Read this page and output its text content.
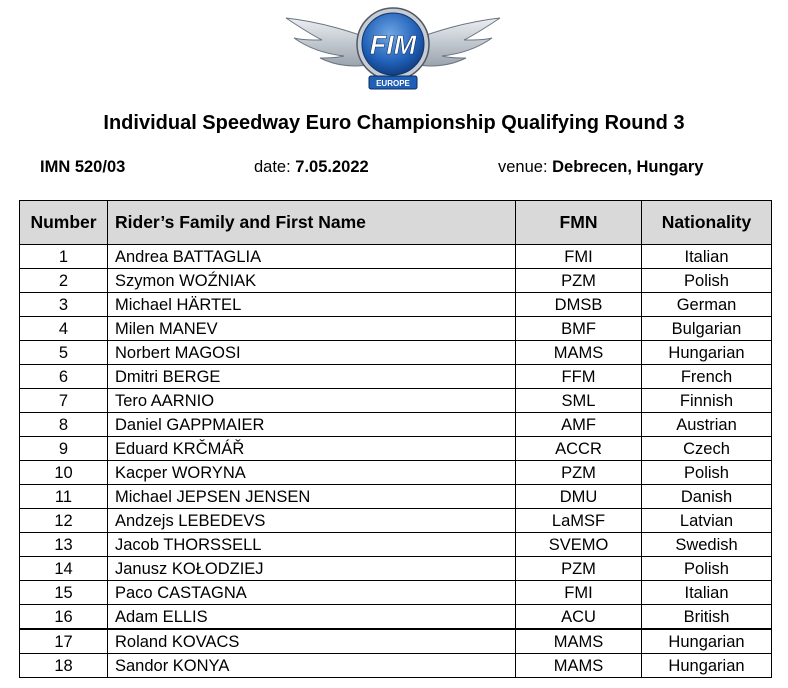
FIM
EUROPE
Individual Speedway Euro Championship Qualifying Round 3
IMN 520/03	date: 7.05.2022	venue: Debrecen, Hungary
Number	Rider’s Family and First Name	FMN	Nationality
1	Andrea BATTAGLIA	FMI	Italian
2	Szymon WOŹNIAK	PZM	Polish
3	Michael HÄRTEL	DMSB	German
4	Milen MANEV	BMF	Bulgarian
5	Norbert MAGOSI	MAMS	Hungarian
6	Dmitri BERGE	FFM	French
7	Tero AARNIO	SML	Finnish
8	Daniel GAPPMAIER	AMF	Austrian
9	Eduard KRČMÁŘ	ACCR	Czech
10	Kacper WORYNA	PZM	Polish
11	Michael JEPSEN JENSEN	DMU	Danish
12	Andzejs LEBEDEVS	LaMSF	Latvian
13	Jacob THORSSELL	SVEMO	Swedish
14	Janusz KOŁODZIEJ	PZM	Polish
15	Paco CASTAGNA	FMI	Italian
16	Adam ELLIS	ACU	British
17	Roland KOVACS	MAMS	Hungarian
18	Sandor KONYA	MAMS	Hungarian
